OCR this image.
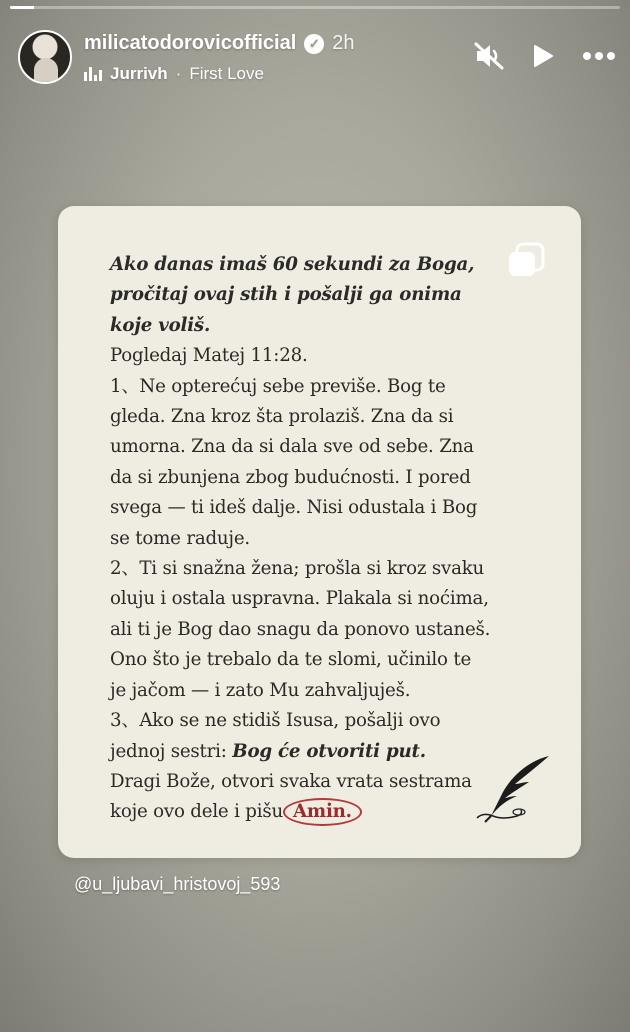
milicatodorovicofficial ✓ 2h
Jurrivh · First Love
Ako danas imaš 60 sekundi za Boga,
pročitaj ovaj stih i pošalji ga onima
koje voliš.
Pogledaj Matej 11:28.
1、Ne opterećuj sebe previše. Bog te
gleda. Zna kroz šta prolaziš. Zna da si
umorna. Zna da si dala sve od sebe. Zna
da si zbunjena zbog budućnosti. I pored
svega — ti ideš dalje. Nisi odustala i Bog
se tome raduje.
2、Ti si snažna žena; prošla si kroz svaku
oluju i ostala uspravna. Plakala si noćima,
ali ti je Bog dao snagu da ponovo ustaneš.
Ono što je trebalo da te slomi, učinilo te
je jačom — i zato Mu zahvaljuješ.
3、Ako se ne stidiš Isusa, pošalji ovo
jednoj sestri: Bog će otvoriti put.
Dragi Bože, otvori svaka vrata sestrama
koje ovo dele i pišu Amin.
@u_ljubavi_hristovoj_593
